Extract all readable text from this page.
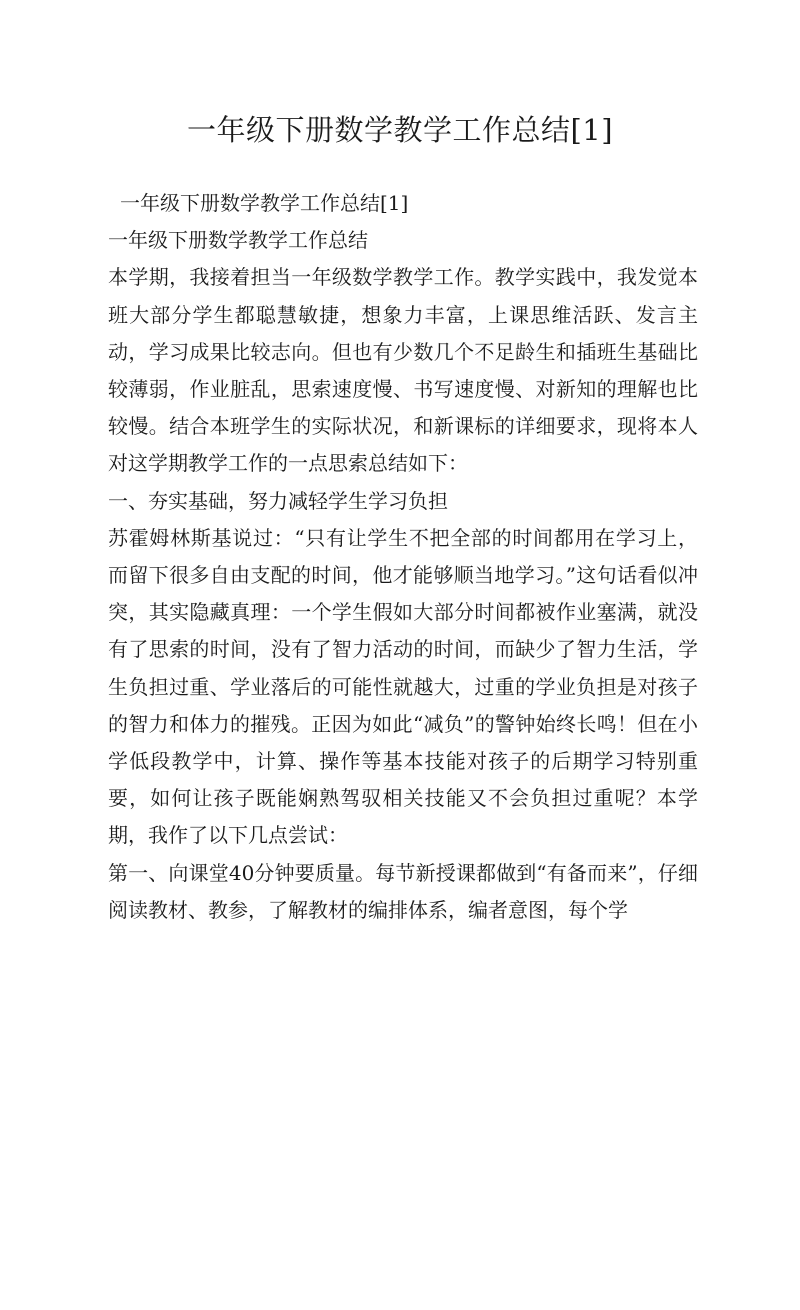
一年级下册数学教学工作总结[1]

一年级下册数学教学工作总结[1]

一年级下册数学教学工作总结

本学期，我接着担当一年级数学教学工作。教学实践中，我发觉本班大部分学生都聪慧敏捷，想象力丰富，上课思维活跃、发言主动，学习成果比较志向。但也有少数几个不足龄生和插班生基础比较薄弱，作业脏乱，思索速度慢、书写速度慢、对新知的理解也比较慢。结合本班学生的实际状况，和新课标的详细要求，现将本人对这学期教学工作的一点思索总结如下：

一、夯实基础，努力减轻学生学习负担

苏霍姆林斯基说过：“只有让学生不把全部的时间都用在学习上，而留下很多自由支配的时间，他才能够顺当地学习。”这句话看似冲突，其实隐藏真理：一个学生假如大部分时间都被作业塞满，就没有了思索的时间，没有了智力活动的时间，而缺少了智力生活，学生负担过重、学业落后的可能性就越大，过重的学业负担是对孩子的智力和体力的摧残。正因为如此“减负”的警钟始终长鸣！但在小学低段教学中，计算、操作等基本技能对孩子的后期学习特别重要，如何让孩子既能娴熟驾驭相关技能又不会负担过重呢？本学期，我作了以下几点尝试：

第一、向课堂40分钟要质量。每节新授课都做到“有备而来”，仔细阅读教材、教参，了解教材的编排体系，编者意图，每个学
